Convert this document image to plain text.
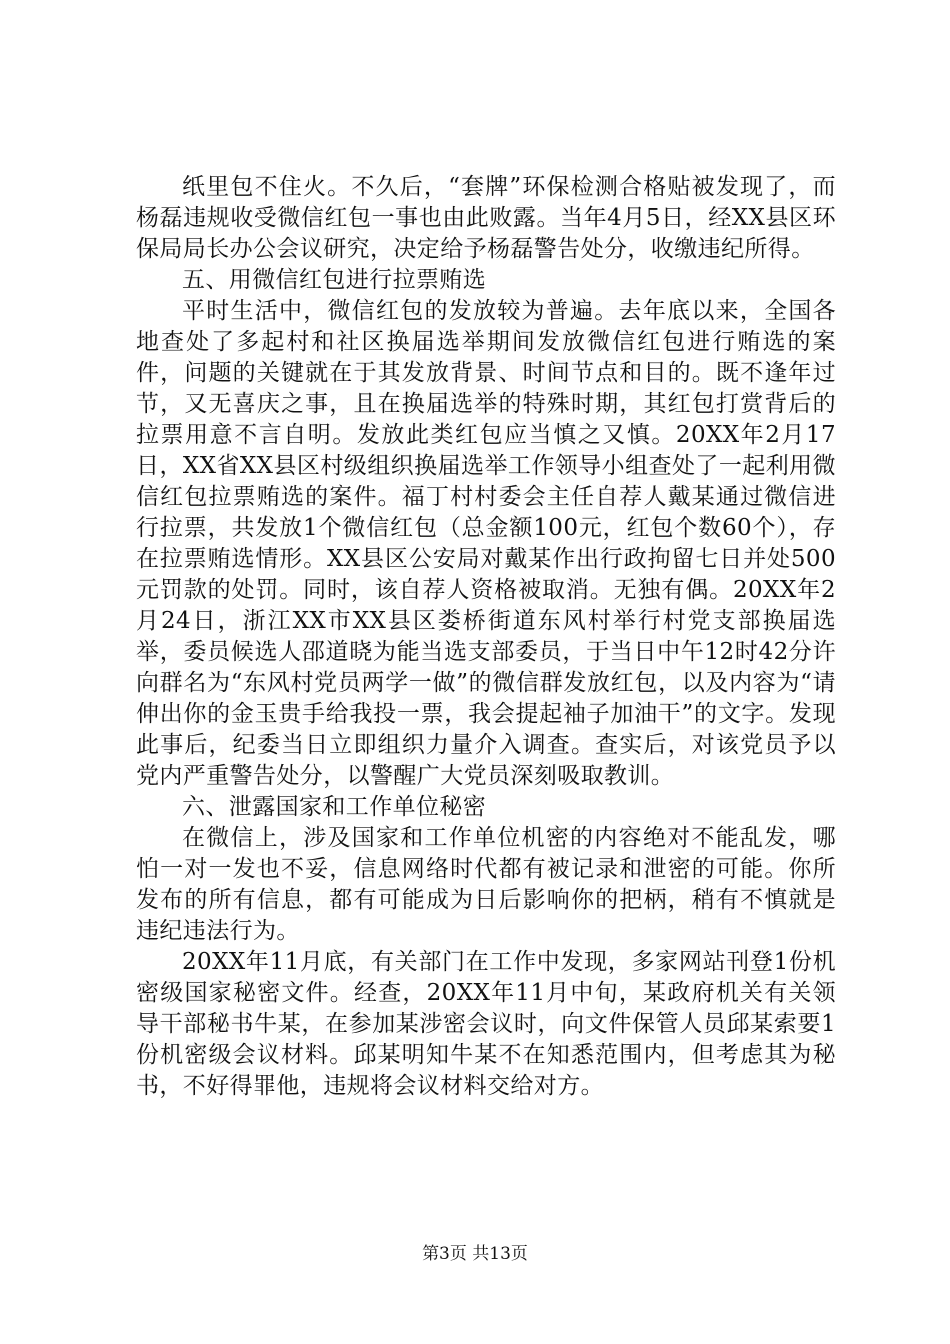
纸里包不住火。不久后，“套牌”环保检测合格贴被发现了，而杨磊违规收受微信红包一事也由此败露。当年4月5日，经XX县区环保局局长办公会议研究，决定给予杨磊警告处分，收缴违纪所得。

五、用微信红包进行拉票贿选

平时生活中，微信红包的发放较为普遍。去年底以来，全国各地查处了多起村和社区换届选举期间发放微信红包进行贿选的案件，问题的关键就在于其发放背景、时间节点和目的。既不逢年过节，又无喜庆之事，且在换届选举的特殊时期，其红包打赏背后的拉票用意不言自明。发放此类红包应当慎之又慎。20XX年2月17日，XX省XX县区村级组织换届选举工作领导小组查处了一起利用微信红包拉票贿选的案件。福丁村村委会主任自荐人戴某通过微信进行拉票，共发放1个微信红包（总金额100元，红包个数60个），存在拉票贿选情形。XX县区公安局对戴某作出行政拘留七日并处500元罚款的处罚。同时，该自荐人资格被取消。无独有偶。20XX年2月24日，浙江XX市XX县区娄桥街道东风村举行村党支部换届选举，委员候选人邵道晓为能当选支部委员，于当日中午12时42分许向群名为“东风村党员两学一做”的微信群发放红包，以及内容为“请伸出你的金玉贵手给我投一票，我会提起袖子加油干”的文字。发现此事后，纪委当日立即组织力量介入调查。查实后，对该党员予以党内严重警告处分，以警醒广大党员深刻吸取教训。

六、泄露国家和工作单位秘密

在微信上，涉及国家和工作单位机密的内容绝对不能乱发，哪怕一对一发也不妥，信息网络时代都有被记录和泄密的可能。你所发布的所有信息，都有可能成为日后影响你的把柄，稍有不慎就是违纪违法行为。

20XX年11月底，有关部门在工作中发现，多家网站刊登1份机密级国家秘密文件。经查，20XX年11月中旬，某政府机关有关领导干部秘书牛某，在参加某涉密会议时，向文件保管人员邱某索要1份机密级会议材料。邱某明知牛某不在知悉范围内，但考虑其为秘书，不好得罪他，违规将会议材料交给对方。

第3页 共13页
